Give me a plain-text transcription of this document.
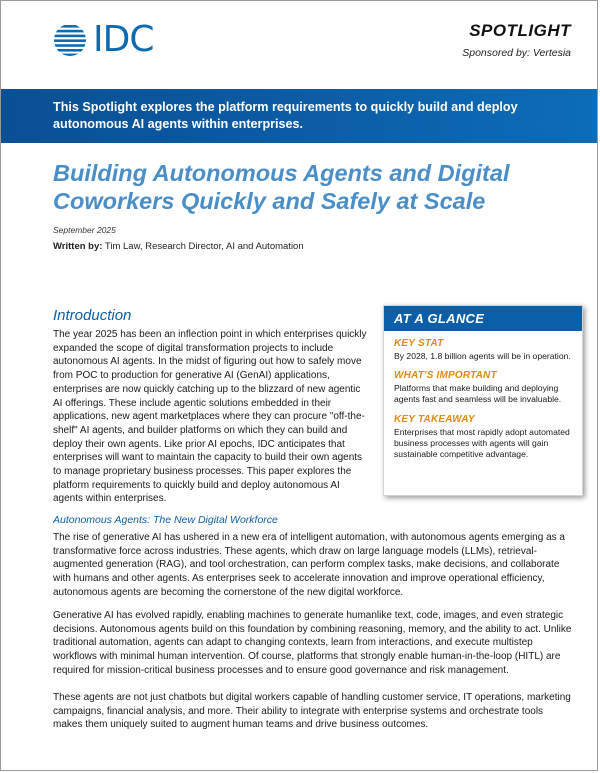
IDC	SPOTLIGHT
Sponsored by: Vertesia
This Spotlight explores the platform requirements to quickly build and deploy autonomous AI agents within enterprises.
Building Autonomous Agents and Digital Coworkers Quickly and Safely at Scale
September 2025
Written by: Tim Law, Research Director, AI and Automation
Introduction
The year 2025 has been an inflection point in which enterprises quickly expanded the scope of digital transformation projects to include autonomous AI agents. In the midst of figuring out how to safely move from POC to production for generative AI (GenAI) applications, enterprises are now quickly catching up to the blizzard of new agentic AI offerings. These include agentic solutions embedded in their applications, new agent marketplaces where they can procure "off-the-shelf" AI agents, and builder platforms on which they can build and deploy their own agents. Like prior AI epochs, IDC anticipates that enterprises will want to maintain the capacity to build their own agents to manage proprietary business processes. This paper explores the platform requirements to quickly build and deploy autonomous AI agents within enterprises.
AT A GLANCE
KEY STAT
By 2028, 1.8 billion agents will be in operation.
WHAT'S IMPORTANT
Platforms that make building and deploying agents fast and seamless will be invaluable.
KEY TAKEAWAY
Enterprises that most rapidly adopt automated business processes with agents will gain sustainable competitive advantage.
Autonomous Agents: The New Digital Workforce
The rise of generative AI has ushered in a new era of intelligent automation, with autonomous agents emerging as a transformative force across industries. These agents, which draw on large language models (LLMs), retrieval-augmented generation (RAG), and tool orchestration, can perform complex tasks, make decisions, and collaborate with humans and other agents. As enterprises seek to accelerate innovation and improve operational efficiency, autonomous agents are becoming the cornerstone of the new digital workforce.
Generative AI has evolved rapidly, enabling machines to generate humanlike text, code, images, and even strategic decisions. Autonomous agents build on this foundation by combining reasoning, memory, and the ability to act. Unlike traditional automation, agents can adapt to changing contexts, learn from interactions, and execute multistep workflows with minimal human intervention. Of course, platforms that strongly enable human-in-the-loop (HITL) are required for mission-critical business processes and to ensure good governance and risk management.
These agents are not just chatbots but digital workers capable of handling customer service, IT operations, marketing campaigns, financial analysis, and more. Their ability to integrate with enterprise systems and orchestrate tools makes them uniquely suited to augment human teams and drive business outcomes.
